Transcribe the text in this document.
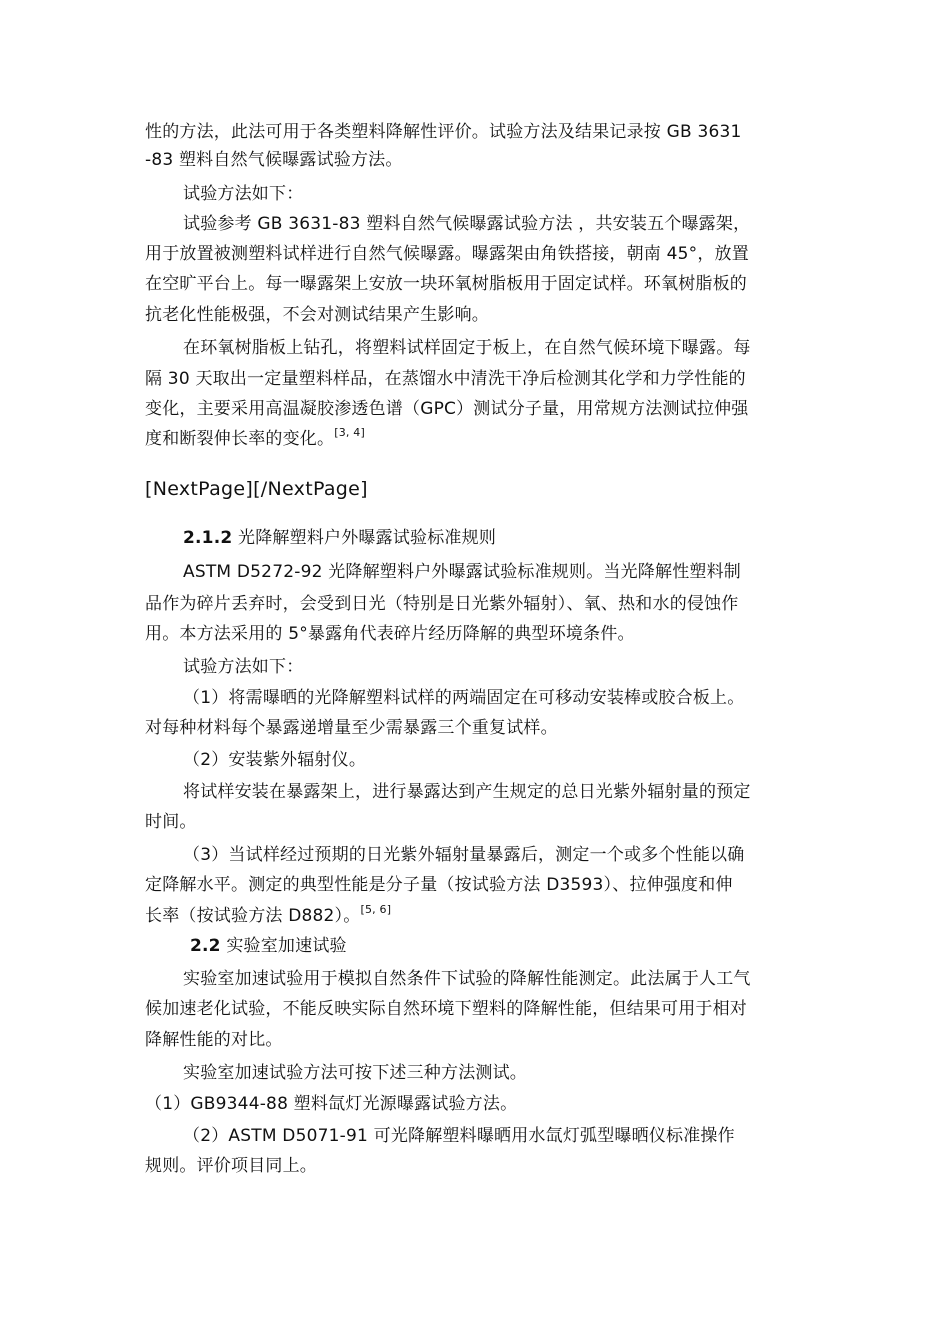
性的方法，此法可用于各类塑料降解性评价。试验方法及结果记录按 GB 3631
-83 塑料自然气候曝露试验方法。
试验方法如下：
试验参考 GB 3631-83 塑料自然气候曝露试验方法 ，共安装五个曝露架，
用于放置被测塑料试样进行自然气候曝露。曝露架由角铁搭接，朝南 45°，放置
在空旷平台上。每一曝露架上安放一块环氧树脂板用于固定试样。环氧树脂板的
抗老化性能极强，不会对测试结果产生影响。
在环氧树脂板上钻孔，将塑料试样固定于板上，在自然气候环境下曝露。每
隔 30 天取出一定量塑料样品，在蒸馏水中清洗干净后检测其化学和力学性能的
变化，主要采用高温凝胶渗透色谱（GPC）测试分子量，用常规方法测试拉伸强
度和断裂伸长率的变化。[3, 4]
[NextPage][/NextPage]
2.1.2 光降解塑料户外曝露试验标准规则
ASTM D5272-92 光降解塑料户外曝露试验标准规则。当光降解性塑料制
品作为碎片丢弃时，会受到日光（特别是日光紫外辐射）、氧、热和水的侵蚀作
用。本方法采用的 5°暴露角代表碎片经历降解的典型环境条件。
试验方法如下：
（1）将需曝晒的光降解塑料试样的两端固定在可移动安装棒或胶合板上。
对每种材料每个暴露递增量至少需暴露三个重复试样。
（2）安装紫外辐射仪。
将试样安装在暴露架上，进行暴露达到产生规定的总日光紫外辐射量的预定
时间。
（3）当试样经过预期的日光紫外辐射量暴露后，测定一个或多个性能以确
定降解水平。测定的典型性能是分子量（按试验方法 D3593）、拉伸强度和伸
长率（按试验方法 D882）。[5, 6]
2.2 实验室加速试验
实验室加速试验用于模拟自然条件下试验的降解性能测定。此法属于人工气
候加速老化试验，不能反映实际自然环境下塑料的降解性能，但结果可用于相对
降解性能的对比。
实验室加速试验方法可按下述三种方法测试。
（1）GB9344-88 塑料氙灯光源曝露试验方法。
（2）ASTM D5071-91 可光降解塑料曝晒用水氙灯弧型曝晒仪标准操作
规则。评价项目同上。
